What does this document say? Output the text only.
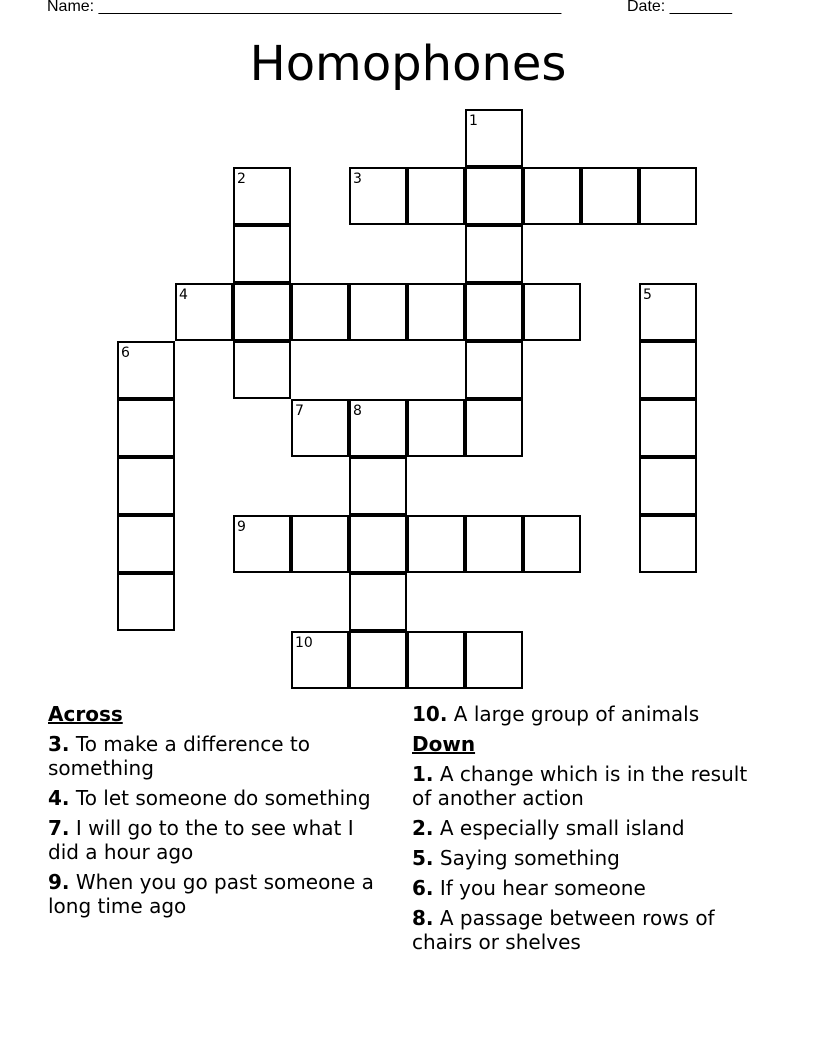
Name: ____________________________________________________	Date: _______
Homophones
1
2	3
4	5
6
7	8
9
10
Across
3. To make a difference to something
4. To let someone do something
7. I will go to the to see what I did a hour ago
9. When you go past someone a long time ago
10. A large group of animals
Down
1. A change which is in the result of another action
2. A especially small island
5. Saying something
6. If you hear someone
8. A passage between rows of chairs or shelves
